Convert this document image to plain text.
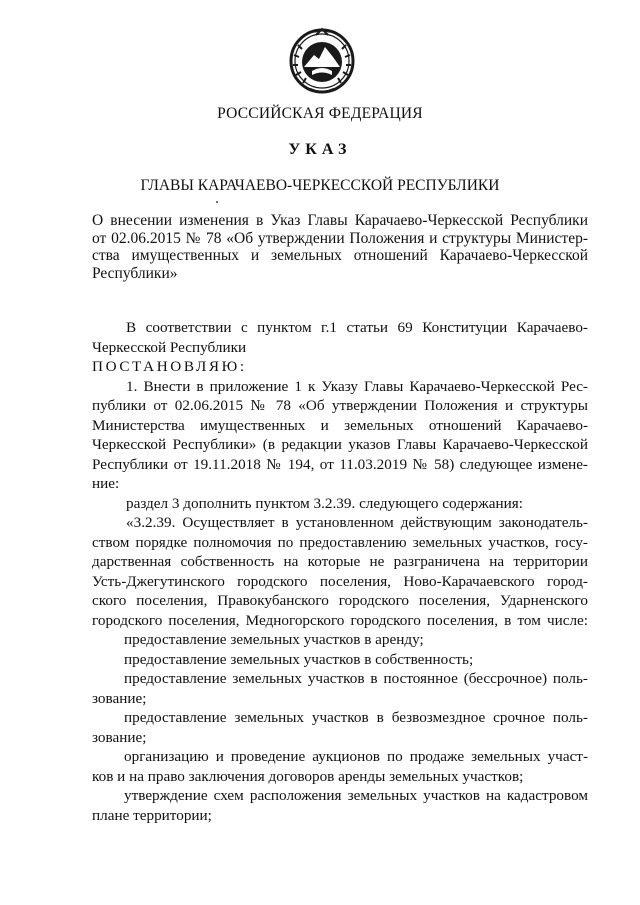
РОССИЙСКАЯ ФЕДЕРАЦИЯ
УКАЗ
ГЛАВЫ КАРАЧАЕВО-ЧЕРКЕССКОЙ РЕСПУБЛИКИ
О внесении изменения в Указ Главы Карачаево-Черкесской Республики
от 02.06.2015 № 78 «Об утверждении Положения и структуры Министер-
ства имущественных и земельных отношений Карачаево-Черкесской
Республики»
В соответствии с пунктом г.1 статьи 69 Конституции Карачаево-
Черкесской Республики
ПОСТАНОВЛЯЮ:
1. Внести в приложение 1 к Указу Главы Карачаево-Черкесской Рес-
публики от 02.06.2015 № 78 «Об утверждении Положения и структуры
Министерства имущественных и земельных отношений Карачаево-
Черкесской Республики» (в редакции указов Главы Карачаево-Черкесской
Республики от 19.11.2018 № 194, от 11.03.2019 № 58) следующее измене-
ние:
раздел 3 дополнить пунктом 3.2.39. следующего содержания:
«3.2.39. Осуществляет в установленном действующим законодатель-
ством порядке полномочия по предоставлению земельных участков, госу-
дарственная собственность на которые не разграничена на территории
Усть-Джегутинского городского поселения, Ново-Карачаевского город-
ского поселения, Правокубанского городского поселения, Ударненского
городского поселения, Медногорского городского поселения, в том числе:
предоставление земельных участков в аренду;
предоставление земельных участков в собственность;
предоставление земельных участков в постоянное (бессрочное) поль-
зование;
предоставление земельных участков в безвозмездное срочное поль-
зование;
организацию и проведение аукционов по продаже земельных участ-
ков и на право заключения договоров аренды земельных участков;
утверждение схем расположения земельных участков на кадастровом
плане территории;
